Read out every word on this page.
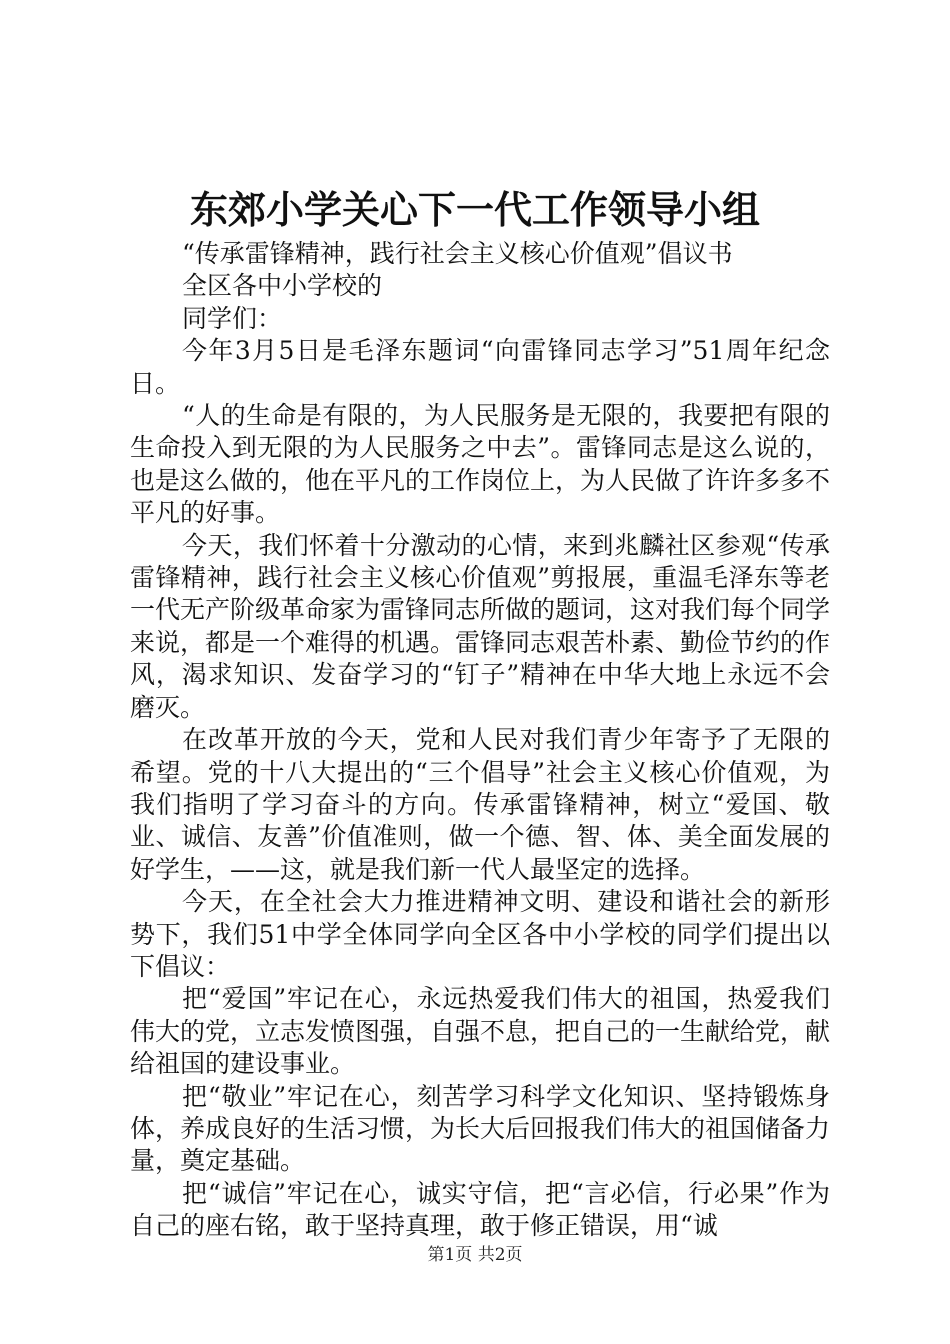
东郊小学关心下一代工作领导小组

“传承雷锋精神，践行社会主义核心价值观”倡议书

全区各中小学校的

同学们：

今年3月5日是毛泽东题词“向雷锋同志学习”51周年纪念日。

“人的生命是有限的，为人民服务是无限的，我要把有限的生命投入到无限的为人民服务之中去”。雷锋同志是这么说的，也是这么做的，他在平凡的工作岗位上，为人民做了许许多多不平凡的好事。

今天，我们怀着十分激动的心情，来到兆麟社区参观“传承雷锋精神，践行社会主义核心价值观”剪报展，重温毛泽东等老一代无产阶级革命家为雷锋同志所做的题词，这对我们每个同学来说，都是一个难得的机遇。雷锋同志艰苦朴素、勤俭节约的作风，渴求知识、发奋学习的“钉子”精神在中华大地上永远不会磨灭。

在改革开放的今天，党和人民对我们青少年寄予了无限的希望。党的十八大提出的“三个倡导”社会主义核心价值观，为我们指明了学习奋斗的方向。传承雷锋精神，树立“爱国、敬业、诚信、友善”价值准则，做一个德、智、体、美全面发展的好学生，——这，就是我们新一代人最坚定的选择。

今天，在全社会大力推进精神文明、建设和谐社会的新形势下，我们51中学全体同学向全区各中小学校的同学们提出以下倡议：

把“爱国”牢记在心，永远热爱我们伟大的祖国，热爱我们伟大的党，立志发愤图强，自强不息，把自己的一生献给党，献给祖国的建设事业。

把“敬业”牢记在心，刻苦学习科学文化知识、坚持锻炼身体，养成良好的生活习惯，为长大后回报我们伟大的祖国储备力量，奠定基础。

把“诚信”牢记在心，诚实守信，把“言必信，行必果”作为自己的座右铭，敢于坚持真理，敢于修正错误，用“诚

第1页 共2页
